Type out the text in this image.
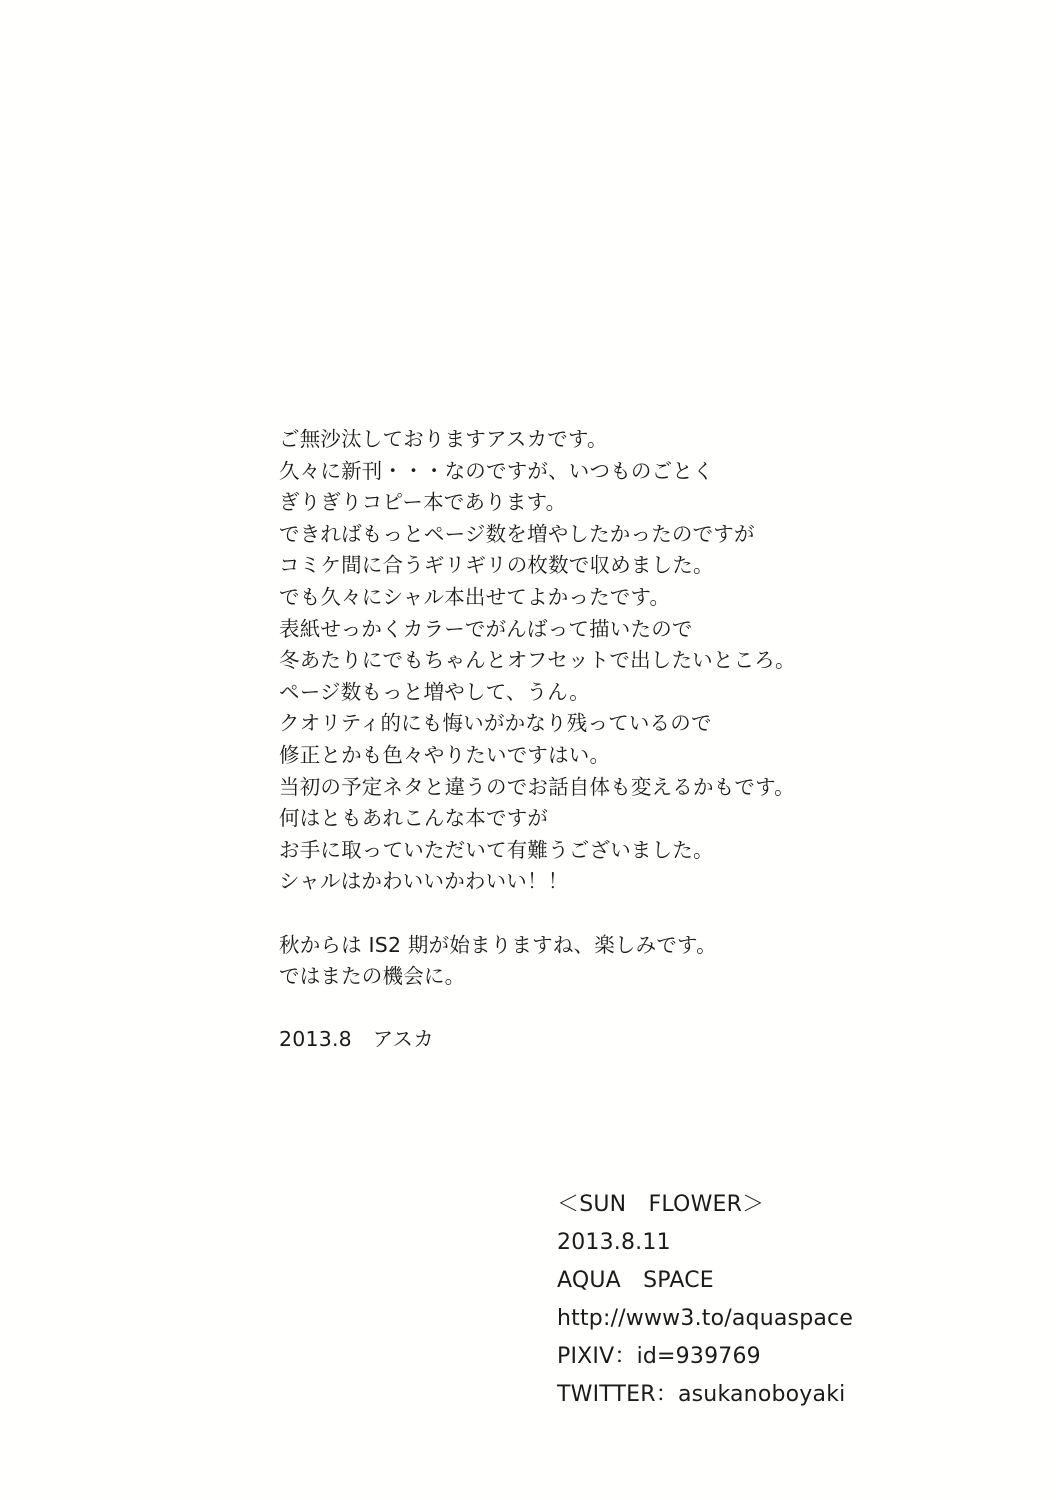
ご無沙汰しておりますアスカです。
久々に新刊・・・なのですが、いつものごとく
ぎりぎりコピー本であります。
できればもっとページ数を増やしたかったのですが
コミケ間に合うギリギリの枚数で収めました。
でも久々にシャル本出せてよかったです。
表紙せっかくカラーでがんばって描いたので
冬あたりにでもちゃんとオフセットで出したいところ。
ページ数もっと増やして、うん。
クオリティ的にも悔いがかなり残っているので
修正とかも色々やりたいですはい。
当初の予定ネタと違うのでお話自体も変えるかもです。
何はともあれこんな本ですが
お手に取っていただいて有難うございました。
シャルはかわいいかわいい！！
秋からは IS2 期が始まりますね、楽しみです。
ではまたの機会に。
2013.8　アスカ
＜SUN　FLOWER＞
2013.8.11
AQUA　SPACE
http://www3.to/aquaspace
PIXIV：id=939769
TWITTER：asukanoboyaki
